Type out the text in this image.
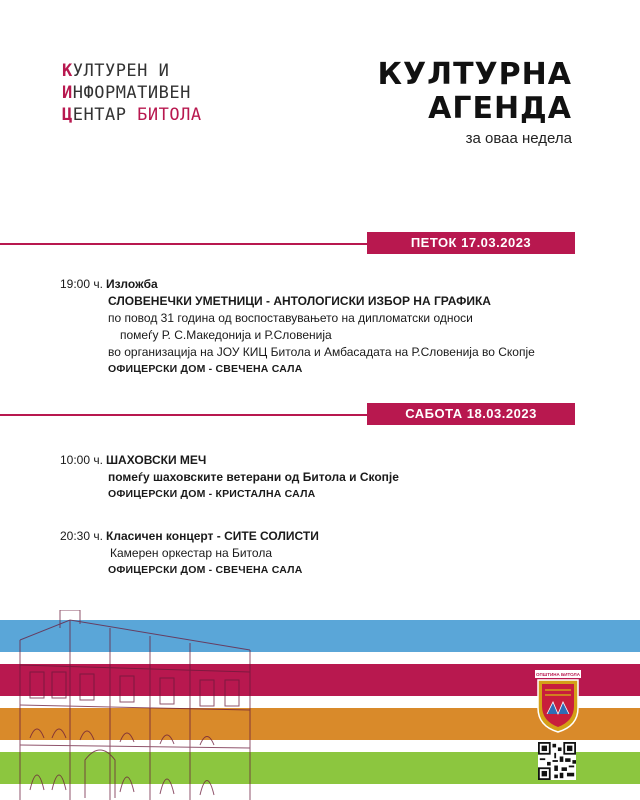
КУЛТУРЕН И
ИНФОРМАТИВЕН
ЦЕНТАР БИТОЛА
КУЛТУРНА
АГЕНДА
за оваа недела
ПЕТОК 17.03.2023
19:00 ч. Изложба
СЛОВЕНЕЧКИ УМЕТНИЦИ - АНТОЛОГИСКИ ИЗБОР НА ГРАФИКА
по повод 31 година од воспоставувањето на дипломатски односи
помеѓу Р. С.Македонија и Р.Словенија
во организација на ЈОУ КИЦ Битола и Амбасадата на Р.Словенија во Скопје
ОФИЦЕРСКИ ДОМ - СВЕЧЕНА САЛА
САБОТА 18.03.2023
10:00 ч. ШАХОВСКИ МЕЧ
помеѓу шаховските ветерани од Битола и Скопје
ОФИЦЕРСКИ ДОМ - КРИСТАЛНА САЛА
20:30 ч. Класичен концерт - СИТЕ СОЛИСТИ
Камерен оркестар на Битола
ОФИЦЕРСКИ ДОМ - СВЕЧЕНА САЛА
ОПШТИНА БИТОЛА
